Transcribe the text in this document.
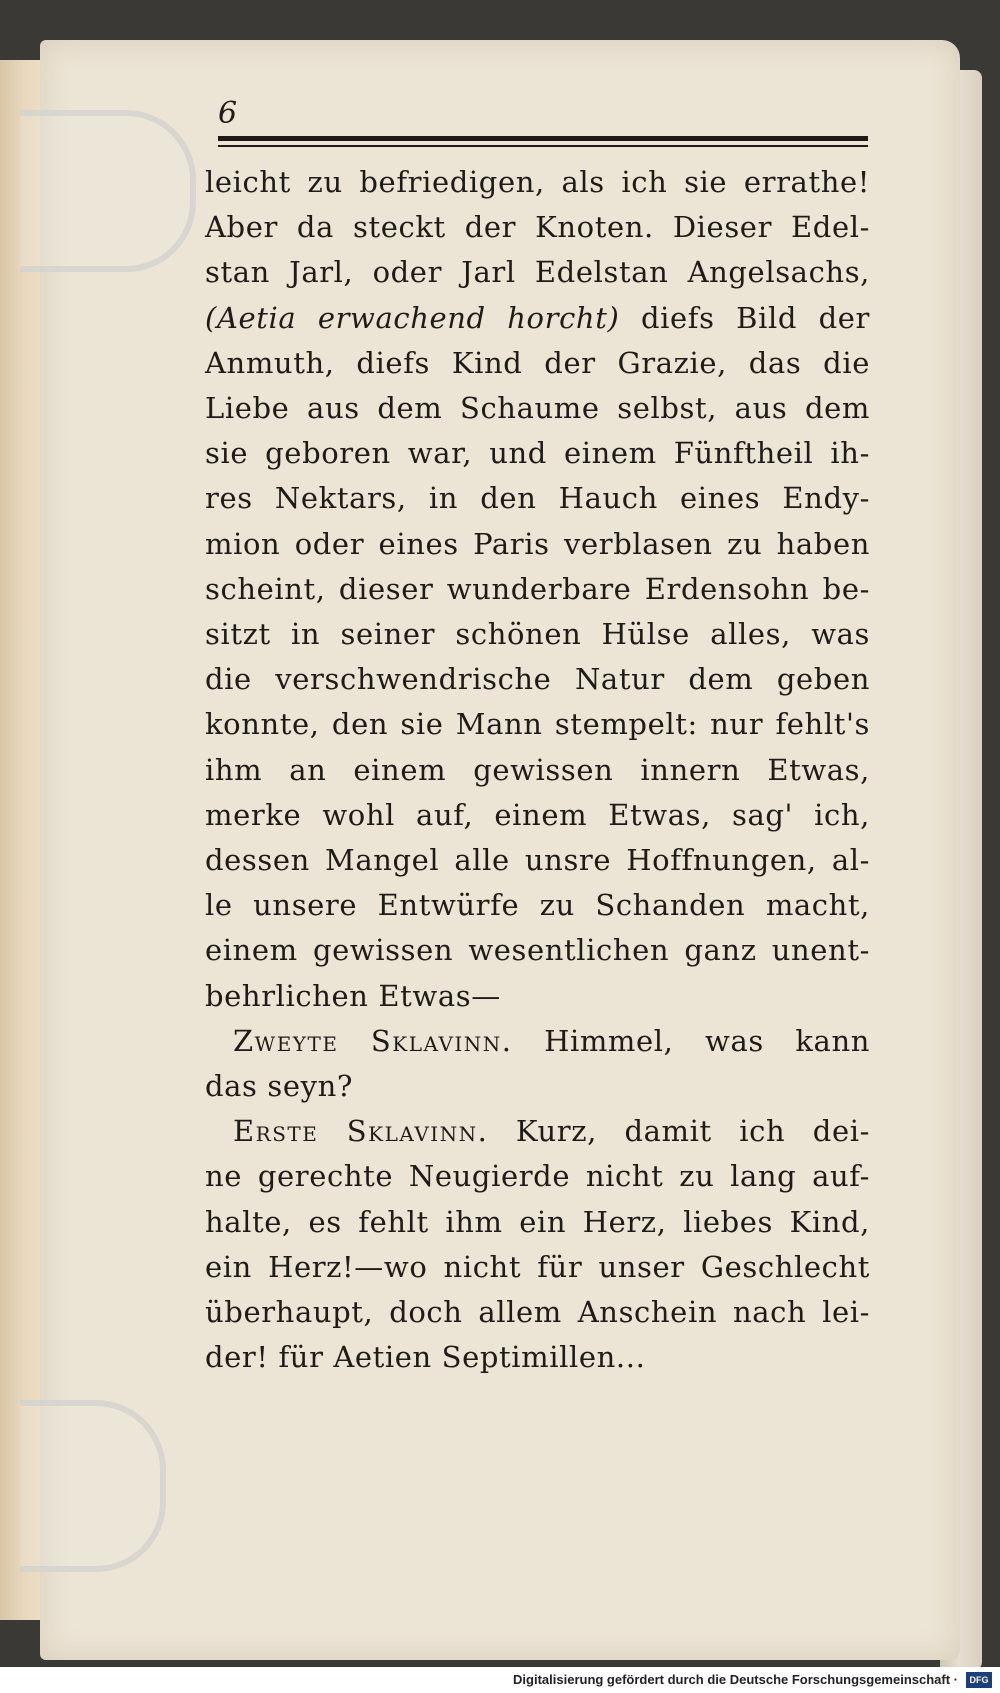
6
leicht zu befriedigen, als ich sie errathe!
Aber da steckt der Knoten. Dieser Edel-
stan Jarl, oder Jarl Edelstan Angelsachs,
(Aetia erwachend horcht) diefs Bild der
Anmuth, diefs Kind der Grazie, das die
Liebe aus dem Schaume selbst, aus dem
sie geboren war, und einem Fünftheil ih-
res Nektars, in den Hauch eines Endy-
mion oder eines Paris verblasen zu haben
scheint, dieser wunderbare Erdensohn be-
sitzt in seiner schönen Hülse alles, was
die verschwendrische Natur dem geben
konnte, den sie Mann stempelt: nur fehlt's
ihm an einem gewissen innern Etwas,
merke wohl auf, einem Etwas, sag' ich,
dessen Mangel alle unsre Hoffnungen, al-
le unsere Entwürfe zu Schanden macht,
einem gewissen wesentlichen ganz unent-
behrlichen Etwas—
Zweyte Sklavinn. Himmel, was kann
das seyn?
Erste Sklavinn. Kurz, damit ich dei-
ne gerechte Neugierde nicht zu lang auf-
halte, es fehlt ihm ein Herz, liebes Kind,
ein Herz!—wo nicht für unser Geschlecht
überhaupt, doch allem Anschein nach lei-
der! für Aetien Septimillen...
Digitalisierung gefördert durch die Deutsche Forschungsgemeinschaft ·	DFG
